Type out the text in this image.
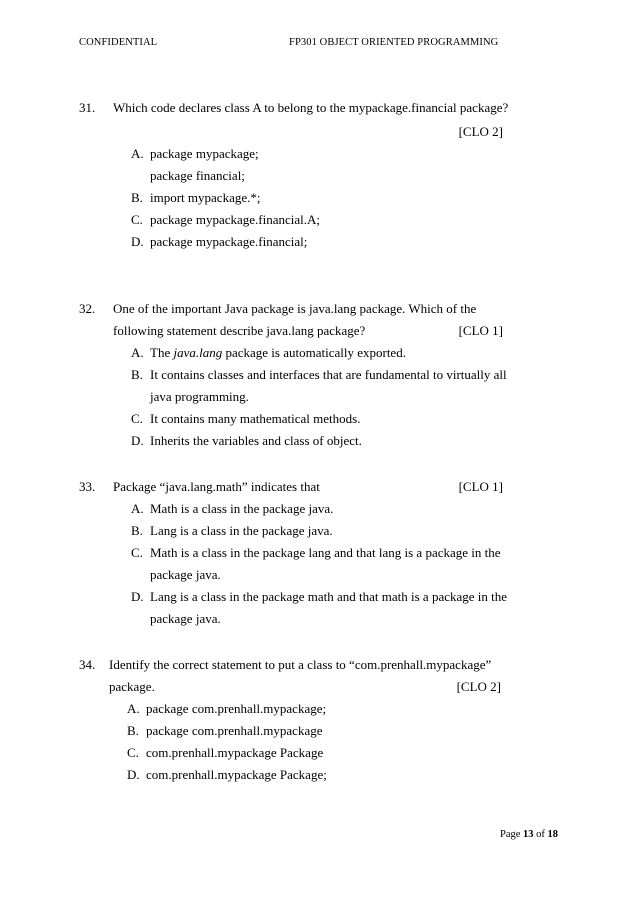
CONFIDENTIAL	FP301 OBJECT ORIENTED PROGRAMMING
31. Which code declares class A to belong to the mypackage.financial package?
[CLO 2]
A. package mypackage;
package financial;
B. import mypackage.*;
C. package mypackage.financial.A;
D. package mypackage.financial;
32. One of the important Java package is java.lang package. Which of the
following statement describe java.lang package?	[CLO 1]
A. The java.lang package is automatically exported.
B. It contains classes and interfaces that are fundamental to virtually all
java programming.
C. It contains many mathematical methods.
D. Inherits the variables and class of object.
33. Package “java.lang.math” indicates that	[CLO 1]
A. Math is a class in the package java.
B. Lang is a class in the package java.
C. Math is a class in the package lang and that lang is a package in the
package java.
D. Lang is a class in the package math and that math is a package in the
package java.
34. Identify the correct statement to put a class to “com.prenhall.mypackage”
package.	[CLO 2]
A. package com.prenhall.mypackage;
B. package com.prenhall.mypackage
C. com.prenhall.mypackage Package
D. com.prenhall.mypackage Package;
Page 13 of 18
